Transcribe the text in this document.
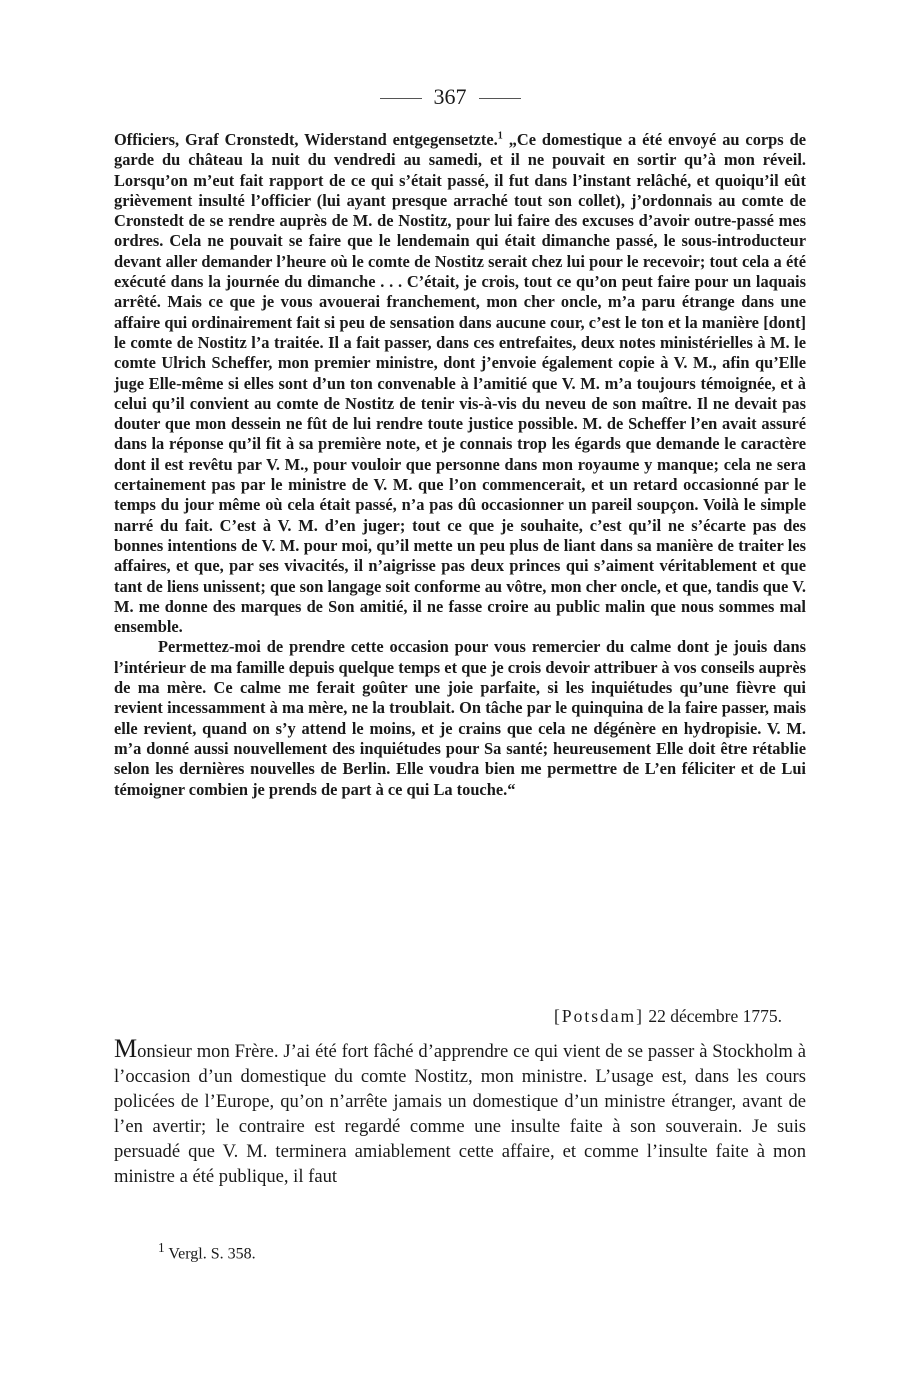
367

Officiers, Graf Cronstedt, Widerstand entgegensetzte.$^1$ „Ce domestique a été envoyé au corps de garde du château la nuit du vendredi au samedi, et il ne pouvait en sortir qu’à mon réveil. Lorsqu’on m’eut fait rapport de ce qui s’était passé, il fut dans l’instant relâché, et quoiqu’il eût grièvement insulté l’officier (lui ayant presque arraché tout son collet), j’ordonnais au comte de Cronstedt de se rendre auprès de M. de Nostitz, pour lui faire des excuses d’avoir outre-passé mes ordres. Cela ne pouvait se faire que le lendemain qui était dimanche passé, le sous-introducteur devant aller demander l’heure où le comte de Nostitz serait chez lui pour le recevoir; tout cela a été exécuté dans la journée du dimanche . . . C’était, je crois, tout ce qu’on peut faire pour un laquais arrêté. Mais ce que je vous avouerai franchement, mon cher oncle, m’a paru étrange dans une affaire qui ordinairement fait si peu de sensation dans aucune cour, c’est le ton et la manière [dont] le comte de Nostitz l’a traitée. Il a fait passer, dans ces entrefaites, deux notes ministérielles à M. le comte Ulrich Scheffer, mon premier ministre, dont j’envoie également copie à V. M., afin qu’Elle juge Elle-même si elles sont d’un ton convenable à l’amitié que V. M. m’a toujours témoignée, et à celui qu’il convient au comte de Nostitz de tenir vis-à-vis du neveu de son maître. Il ne devait pas douter que mon dessein ne fût de lui rendre toute justice possible. M. de Scheffer l’en avait assuré dans la réponse qu’il fit à sa première note, et je connais trop les égards que demande le caractère dont il est revêtu par V. M., pour vouloir que personne dans mon royaume y manque; cela ne sera certainement pas par le ministre de V. M. que l’on commencerait, et un retard occasionné par le temps du jour même où cela était passé, n’a pas dû occasionner un pareil soupçon. Voilà le simple narré du fait. C’est à V. M. d’en juger; tout ce que je souhaite, c’est qu’il ne s’écarte pas des bonnes intentions de V. M. pour moi, qu’il mette un peu plus de liant dans sa manière de traiter les affaires, et que, par ses vivacités, il n’aigrisse pas deux princes qui s’aiment véritablement et que tant de liens unissent; que son langage soit conforme au vôtre, mon cher oncle, et que, tandis que V. M. me donne des marques de Son amitié, il ne fasse croire au public malin que nous sommes mal ensemble.

Permettez-moi de prendre cette occasion pour vous remercier du calme dont je jouis dans l’intérieur de ma famille depuis quelque temps et que je crois devoir attribuer à vos conseils auprès de ma mère. Ce calme me ferait goûter une joie parfaite, si les inquiétudes qu’une fièvre qui revient incessamment à ma mère, ne la troublait. On tâche par le quinquina de la faire passer, mais elle revient, quand on s’y attend le moins, et je crains que cela ne dégénère en hydropisie. V. M. m’a donné aussi nouvellement des inquiétudes pour Sa santé; heureusement Elle doit être rétablie selon les dernières nouvelles de Berlin. Elle voudra bien me permettre de L’en féliciter et de Lui témoigner combien je prends de part à ce qui La touche.“

[Potsdam] 22 décembre 1775.

Monsieur mon Frère. J’ai été fort fâché d’apprendre ce qui vient de se passer à Stockholm à l’occasion d’un domestique du comte Nostitz, mon ministre. L’usage est, dans les cours policées de l’Europe, qu’on n’arrête jamais un domestique d’un ministre étranger, avant de l’en avertir; le contraire est regardé comme une insulte faite à son souverain. Je suis persuadé que V. M. terminera amiablement cette affaire, et comme l’insulte faite à mon ministre a été publique, il faut

$^1$ Vergl. S. 358.
